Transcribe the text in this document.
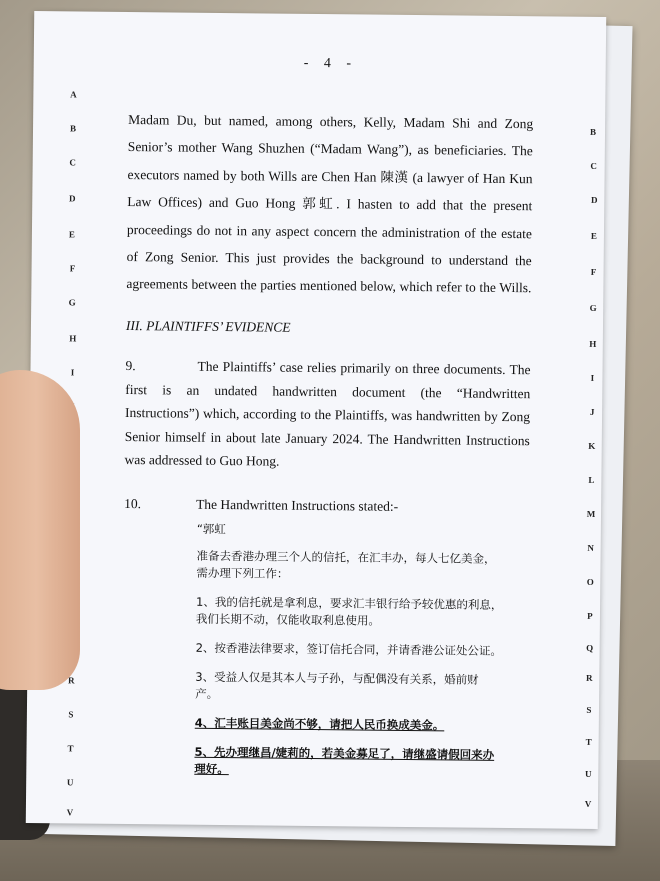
- 4 -
A
B
C
D
E
F
G
H
I
R
S
T
U
V
B
C
D
E
F
G
H
I
J
K
L
M
N
O
P
Q
R
S
T
U
V
Madam Du, but named, among others, Kelly, Madam Shi and Zong
Senior’s mother Wang Shuzhen (“Madam Wang”), as beneficiaries. The
executors named by both Wills are Chen Han 陳漢 (a lawyer of Han Kun
Law Offices) and Guo Hong 郭虹. I hasten to add that the present
proceedings do not in any aspect concern the administration of the estate
of Zong Senior. This just provides the background to understand the
agreements between the parties mentioned below, which refer to the Wills.
III. PLAINTIFFS’ EVIDENCE
9.	The Plaintiffs’ case relies primarily on three documents. The
first is an undated handwritten document (the “Handwritten
Instructions”) which, according to the Plaintiffs, was handwritten by Zong
Senior himself in about late January 2024. The Handwritten Instructions
was addressed to Guo Hong.
10.	The Handwritten Instructions stated:-

“郭虹

准备去香港办理三个人的信托，在汇丰办，每人七亿美金，

需办理下列工作：

1、我的信托就是拿利息，要求汇丰银行给予较优惠的利息，

我们长期不动，仅能收取利息使用。

2、按香港法律要求，签订信托合同，并请香港公证处公证。

3、受益人仅是其本人与子孙，与配偶没有关系，婚前财

产。

4、汇丰账目美金尚不够，请把人民币换成美金。

5、先办理继昌/婕莉的，若美金募足了，请继盛请假回来办

理好。
